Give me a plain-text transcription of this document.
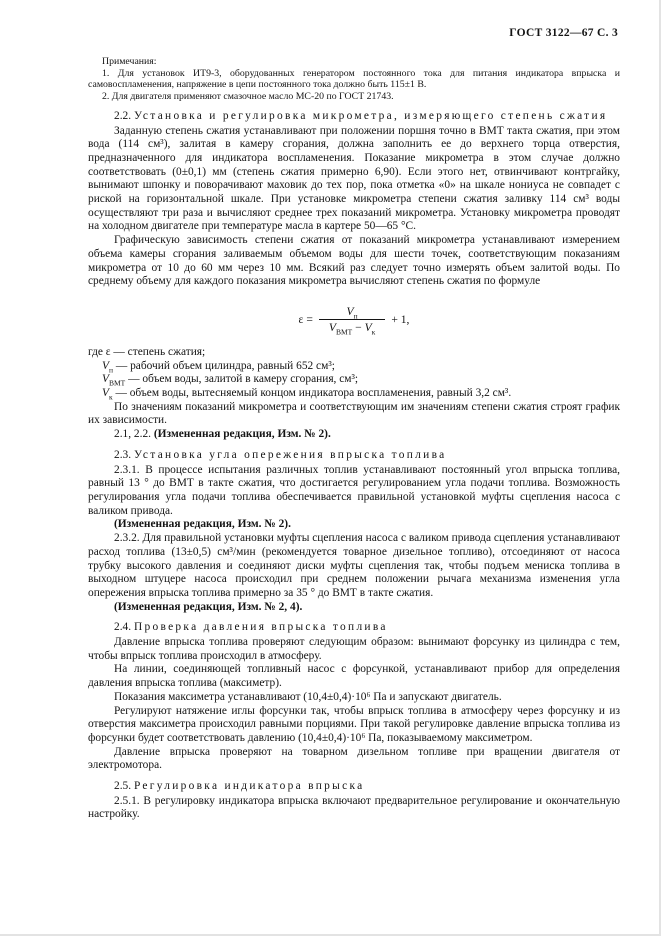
ГОСТ 3122—67 С. 3

Примечания:

1. Для установок ИТ9-3, оборудованных генератором постоянного тока для питания индикатора впрыска и самовоспламенения, напряжение в цепи постоянного тока должно быть 115±1 В.

2. Для двигателя применяют смазочное масло МС-20 по ГОСТ 21743.

2.2. Установка и регулировка микрометра, измеряющего степень сжатия

Заданную степень сжатия устанавливают при положении поршня точно в ВМТ такта сжатия, при этом вода (114 см³), залитая в камеру сгорания, должна заполнить ее до верхнего торца отверстия, предназначенного для индикатора воспламенения. Показание микрометра в этом случае должно соответствовать (0±0,1) мм (степень сжатия примерно 6,90). Если этого нет, отвинчивают контргайку, вынимают шпонку и поворачивают маховик до тех пор, пока отметка «0» на шкале нониуса не совпадет с риской на горизонтальной шкале. При установке микрометра степени сжатия заливку 114 см³ воды осуществляют три раза и вычисляют среднее трех показаний микрометра. Установку микрометра проводят на холодном двигателе при температуре масла в картере 50—65 °С.

Графическую зависимость степени сжатия от показаний микрометра устанавливают измерением объема камеры сгорания заливаемым объемом воды для шести точек, соответствующим показаниям микрометра от 10 до 60 мм через 10 мм. Всякий раз следует точно измерять объем залитой воды. По среднему объему для каждого показания микрометра вычисляют степень сжатия по формуле

$\varepsilon = \frac{V_п}{V_{ВМТ} - V_к} + 1$,

где ε — степень сжатия;

$V_п$ — рабочий объем цилиндра, равный 652 см³;

$V_{ВМТ}$ — объем воды, залитой в камеру сгорания, см³;

$V_к$ — объем воды, вытесняемый концом индикатора воспламенения, равный 3,2 см³.

По значениям показаний микрометра и соответствующим им значениям степени сжатия строят график их зависимости.

2.1, 2.2. (Измененная редакция, Изм. № 2).

2.3. Установка угла опережения впрыска топлива

2.3.1. В процессе испытания различных топлив устанавливают постоянный угол впрыска топлива, равный 13 ° до ВМТ в такте сжатия, что достигается регулированием угла подачи топлива. Возможность регулирования угла подачи топлива обеспечивается правильной установкой муфты сцепления насоса с валиком привода.

(Измененная редакция, Изм. № 2).

2.3.2. Для правильной установки муфты сцепления насоса с валиком привода сцепления устанавливают расход топлива (13±0,5) см³/мин (рекомендуется товарное дизельное топливо), отсоединяют от насоса трубку высокого давления и соединяют диски муфты сцепления так, чтобы подъем мениска топлива в выходном штуцере насоса происходил при среднем положении рычага механизма изменения угла опережения впрыска топлива примерно за 35 ° до ВМТ в такте сжатия.

(Измененная редакция, Изм. № 2, 4).

2.4. Проверка давления впрыска топлива

Давление впрыска топлива проверяют следующим образом: вынимают форсунку из цилиндра с тем, чтобы впрыск топлива происходил в атмосферу.

На линии, соединяющей топливный насос с форсункой, устанавливают прибор для определения давления впрыска топлива (максиметр).

Показания максиметра устанавливают (10,4±0,4)·10⁶ Па и запускают двигатель.

Регулируют натяжение иглы форсунки так, чтобы впрыск топлива в атмосферу через форсунку и из отверстия максиметра происходил равными порциями. При такой регулировке давление впрыска топлива из форсунки будет соответствовать давлению (10,4±0,4)·10⁶ Па, показываемому максиметром.

Давление впрыска проверяют на товарном дизельном топливе при вращении двигателя от электромотора.

2.5. Регулировка индикатора впрыска

2.5.1. В регулировку индикатора впрыска включают предварительное регулирование и окончательную настройку.
